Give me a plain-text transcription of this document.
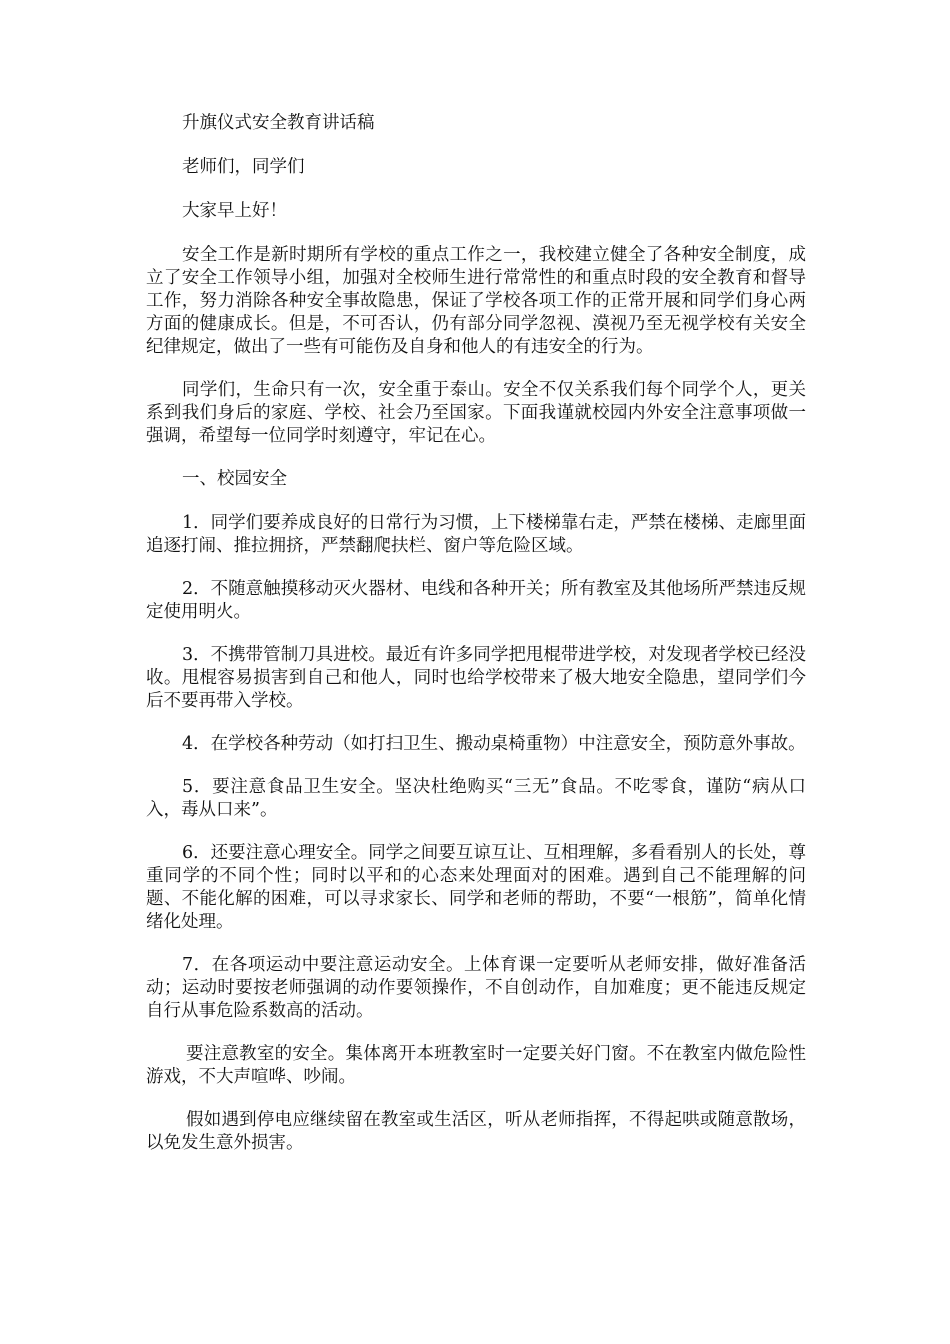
升旗仪式安全教育讲话稿

老师们，同学们

大家早上好！

安全工作是新时期所有学校的重点工作之一，我校建立健全了各种安全制度，成立了安全工作领导小组，加强对全校师生进行常常性的和重点时段的安全教育和督导工作，努力消除各种安全事故隐患，保证了学校各项工作的正常开展和同学们身心两方面的健康成长。但是，不可否认，仍有部分同学忽视、漠视乃至无视学校有关安全纪律规定，做出了一些有可能伤及自身和他人的有违安全的行为。

同学们，生命只有一次，安全重于泰山。安全不仅关系我们每个同学个人，更关系到我们身后的家庭、学校、社会乃至国家。下面我谨就校园内外安全注意事项做一强调，希望每一位同学时刻遵守，牢记在心。

一、校园安全

1．同学们要养成良好的日常行为习惯，上下楼梯靠右走，严禁在楼梯、走廊里面追逐打闹、推拉拥挤，严禁翻爬扶栏、窗户等危险区域。

2．不随意触摸移动灭火器材、电线和各种开关；所有教室及其他场所严禁违反规定使用明火。

3．不携带管制刀具进校。最近有许多同学把甩棍带进学校，对发现者学校已经没收。甩棍容易损害到自己和他人，同时也给学校带来了极大地安全隐患，望同学们今后不要再带入学校。

4．在学校各种劳动（如打扫卫生、搬动桌椅重物）中注意安全，预防意外事故。

5．要注意食品卫生安全。坚决杜绝购买“三无”食品。不吃零食，谨防“病从口入，毒从口来”。

6．还要注意心理安全。同学之间要互谅互让、互相理解，多看看别人的长处，尊重同学的不同个性；同时以平和的心态来处理面对的困难。遇到自己不能理解的问题、不能化解的困难，可以寻求家长、同学和老师的帮助，不要“一根筋”，简单化情绪化处理。

7．在各项运动中要注意运动安全。上体育课一定要听从老师安排，做好准备活动；运动时要按老师强调的动作要领操作，不自创动作，自加难度；更不能违反规定自行从事危险系数高的活动。

要注意教室的安全。集体离开本班教室时一定要关好门窗。不在教室内做危险性游戏，不大声喧哗、吵闹。

假如遇到停电应继续留在教室或生活区，听从老师指挥，不得起哄或随意散场，以免发生意外损害。
